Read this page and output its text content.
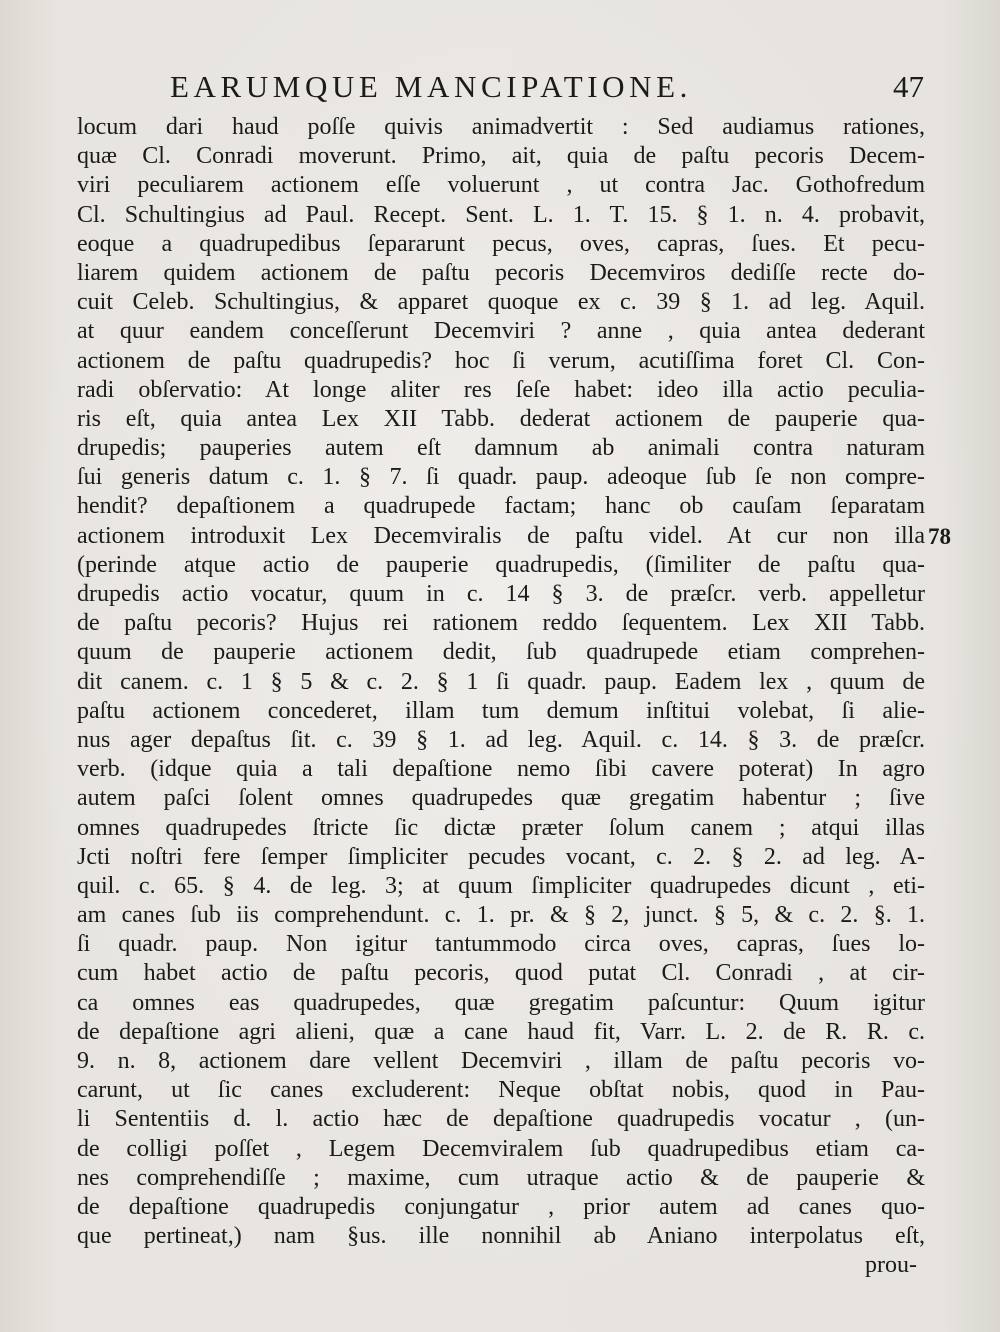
EARUMQUE MANCIPATIONE.	47
locum dari haud poſſe quivis animadvertit : Sed audiamus rationes,
quæ Cl. Conradi moverunt. Primo, ait, quia de paſtu pecoris Decem-
viri peculiarem actionem eſſe voluerunt , ut contra Jac. Gothofredum
Cl. Schultingius ad Paul. Recept. Sent. L. 1. T. 15. § 1. n. 4. probavit,
eoque a quadrupedibus ſepararunt pecus, oves, capras, ſues. Et pecu-
liarem quidem actionem de paſtu pecoris Decemviros dediſſe recte do-
cuit Celeb. Schultingius, & apparet quoque ex c. 39 § 1. ad leg. Aquil.
at quur eandem conceſſerunt Decemviri ? anne , quia antea dederant
actionem de paſtu quadrupedis? hoc ſi verum, acutiſſima foret Cl. Con-
radi obſervatio: At longe aliter res ſeſe habet: ideo illa actio peculia-
ris eſt, quia antea Lex XII Tabb. dederat actionem de pauperie qua-
drupedis; pauperies autem eſt damnum ab animali contra naturam
ſui generis datum c. 1. § 7. ſi quadr. paup. adeoque ſub ſe non compre-
hendit? depaſtionem a quadrupede factam; hanc ob cauſam ſeparatam
actionem introduxit Lex Decemviralis de paſtu videl. At cur non illa
(perinde atque actio de pauperie quadrupedis, (ſimiliter de paſtu qua-
drupedis actio vocatur, quum in c. 14 § 3. de præſcr. verb. appelletur
de paſtu pecoris? Hujus rei rationem reddo ſequentem. Lex XII Tabb.
quum de pauperie actionem dedit, ſub quadrupede etiam comprehen-
dit canem. c. 1 § 5 & c. 2. § 1 ſi quadr. paup. Eadem lex , quum de
paſtu actionem concederet, illam tum demum inſtitui volebat, ſi alie-
nus ager depaſtus ſit. c. 39 § 1. ad leg. Aquil. c. 14. § 3. de præſcr.
verb. (idque quia a tali depaſtione nemo ſibi cavere poterat) In agro
autem paſci ſolent omnes quadrupedes quæ gregatim habentur ; ſive
omnes quadrupedes ſtricte ſic dictæ præter ſolum canem ; atqui illas
Jcti noſtri fere ſemper ſimpliciter pecudes vocant, c. 2. § 2. ad leg. A-
quil. c. 65. § 4. de leg. 3; at quum ſimpliciter quadrupedes dicunt , eti-
am canes ſub iis comprehendunt. c. 1. pr. & § 2, junct. § 5, & c. 2. §. 1.
ſi quadr. paup. Non igitur tantummodo circa oves, capras, ſues lo-
cum habet actio de paſtu pecoris, quod putat Cl. Conradi , at cir-
ca omnes eas quadrupedes, quæ gregatim paſcuntur: Quum igitur
de depaſtione agri alieni, quæ a cane haud fit, Varr. L. 2. de R. R. c.
9. n. 8, actionem dare vellent Decemviri , illam de paſtu pecoris vo-
carunt, ut ſic canes excluderent: Neque obſtat nobis, quod in Pau-
li Sententiis d. l. actio hæc de depaſtione quadrupedis vocatur , (un-
de colligi poſſet , Legem Decemviralem ſub quadrupedibus etiam ca-
nes comprehendiſſe ; maxime, cum utraque actio & de pauperie &
de depaſtione quadrupedis conjungatur , prior autem ad canes quo-
que pertineat,) nam §us. ille nonnihil ab Aniano interpolatus eſt,
prou-
78
